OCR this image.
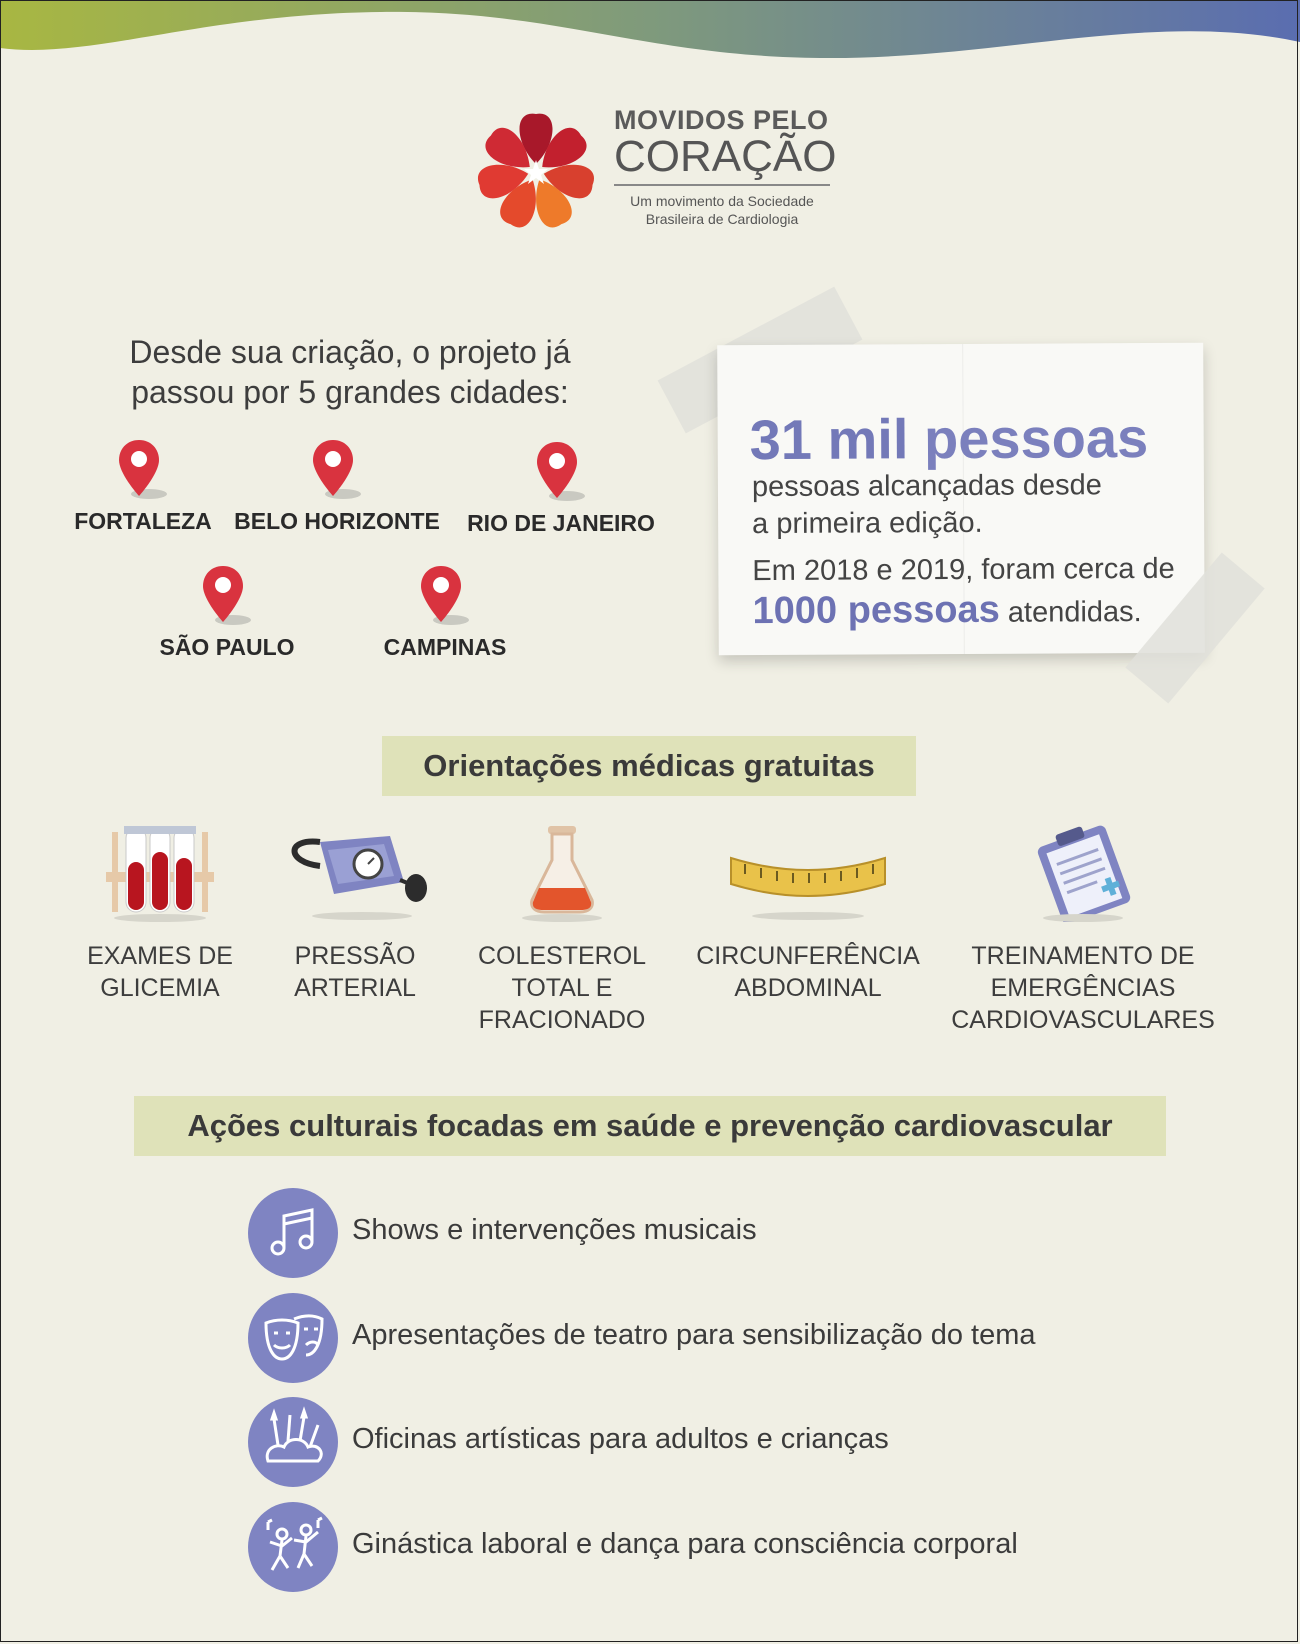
MOVIDOS PELO
CORAÇÃO
Um movimento da Sociedade
Brasileira de Cardiologia
Desde sua criação, o projeto já
passou por 5 grandes cidades:
FORTALEZA BELO HORIZONTE	RIO DE JANEIRO
SÃO PAULO	CAMPINAS
31 mil pessoas
pessoas alcançadas desde
a primeira edição.
Em 2018 e 2019, foram cerca de
1000 pessoas atendidas.
Orientações médicas gratuitas
EXAMES DE
GLICEMIA
PRESSÃO
ARTERIAL
COLESTEROL
TOTAL E
FRACIONADO
CIRCUNFERÊNCIA
ABDOMINAL
TREINAMENTO DE
EMERGÊNCIAS
CARDIOVASCULARES
Ações culturais focadas em saúde e prevenção cardiovascular
Shows e intervenções musicais
Apresentações de teatro para sensibilização do tema
Oficinas artísticas para adultos e crianças
Ginástica laboral e dança para consciência corporal
